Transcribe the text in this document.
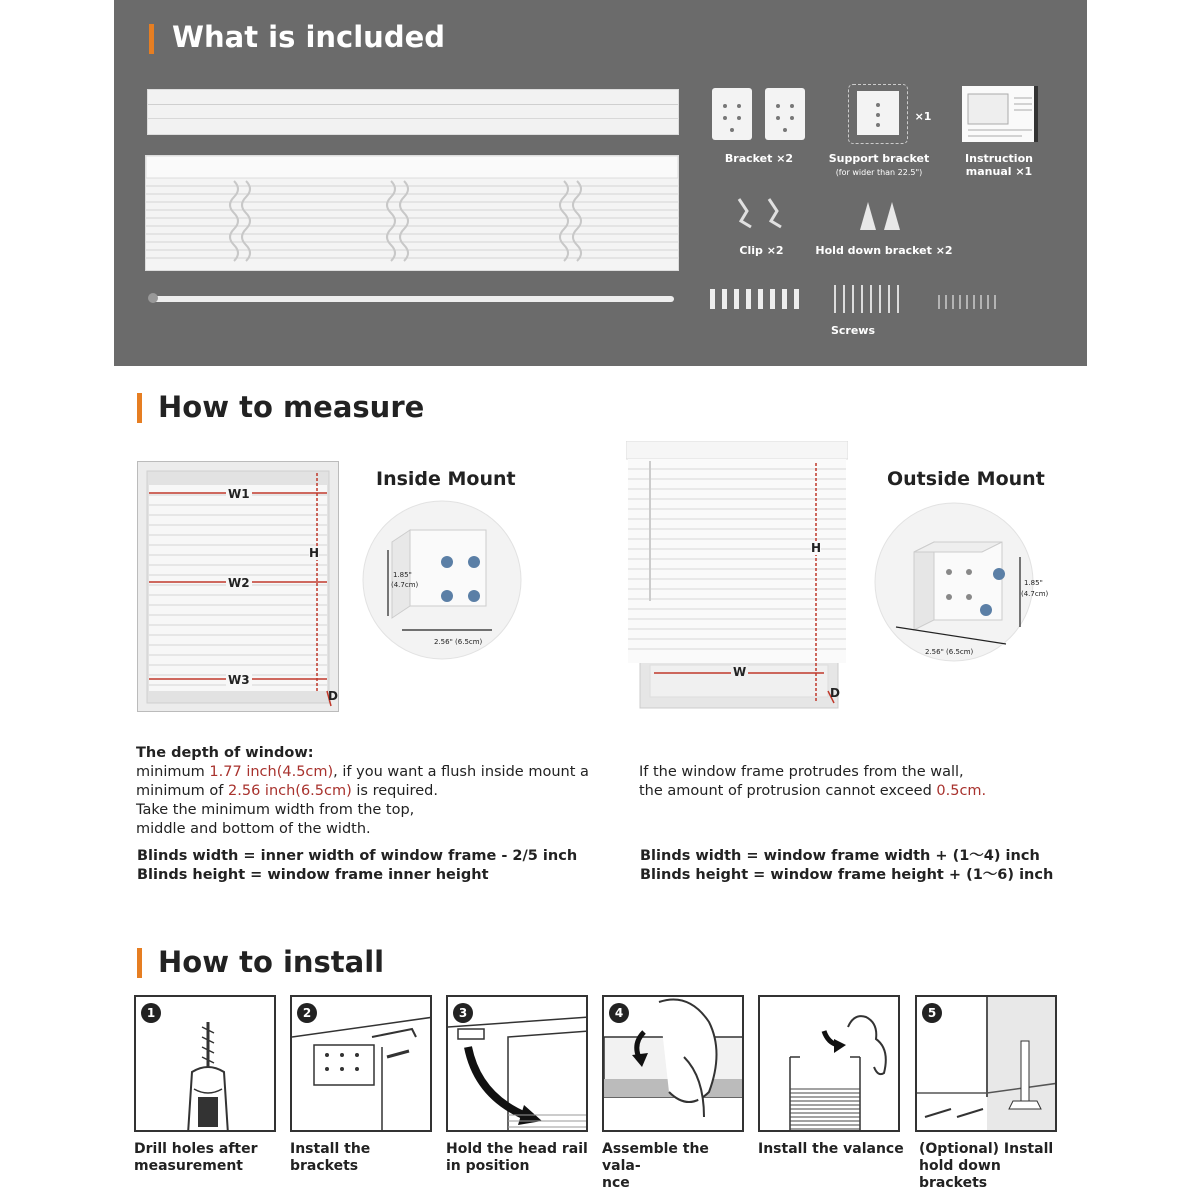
What is included
Bracket ×2
×1
Support bracket
(for wider than 22.5")
Instruction
manual ×1
Clip ×2	Hold down bracket ×2
Screws
How to measure
W1
W2
W3
H
D
Inside Mount
1.85"
(4.7cm)
2.56" (6.5cm)
H
W
D
Outside Mount
1.85"
(4.7cm)
2.56" (6.5cm)
The depth of window:
minimum 1.77 inch(4.5cm), if you want a flush inside mount a
minimum of 2.56 inch(6.5cm) is required.
Take the minimum width from the top,
middle and bottom of the width.
Blinds width = inner width of window frame - 2/5 inch
Blinds height = window frame inner height
If the window frame protrudes from the wall,
the amount of protrusion cannot exceed 0.5cm.
Blinds width = window frame width + (1～4) inch
Blinds height = window frame height + (1～6) inch
How to install
1
Drill holes after
measurement
2
Install the brackets
3
Hold the head rail
in position
4
Assemble the vala-
nce
Install the valance
5
(Optional) Install
hold down brackets
